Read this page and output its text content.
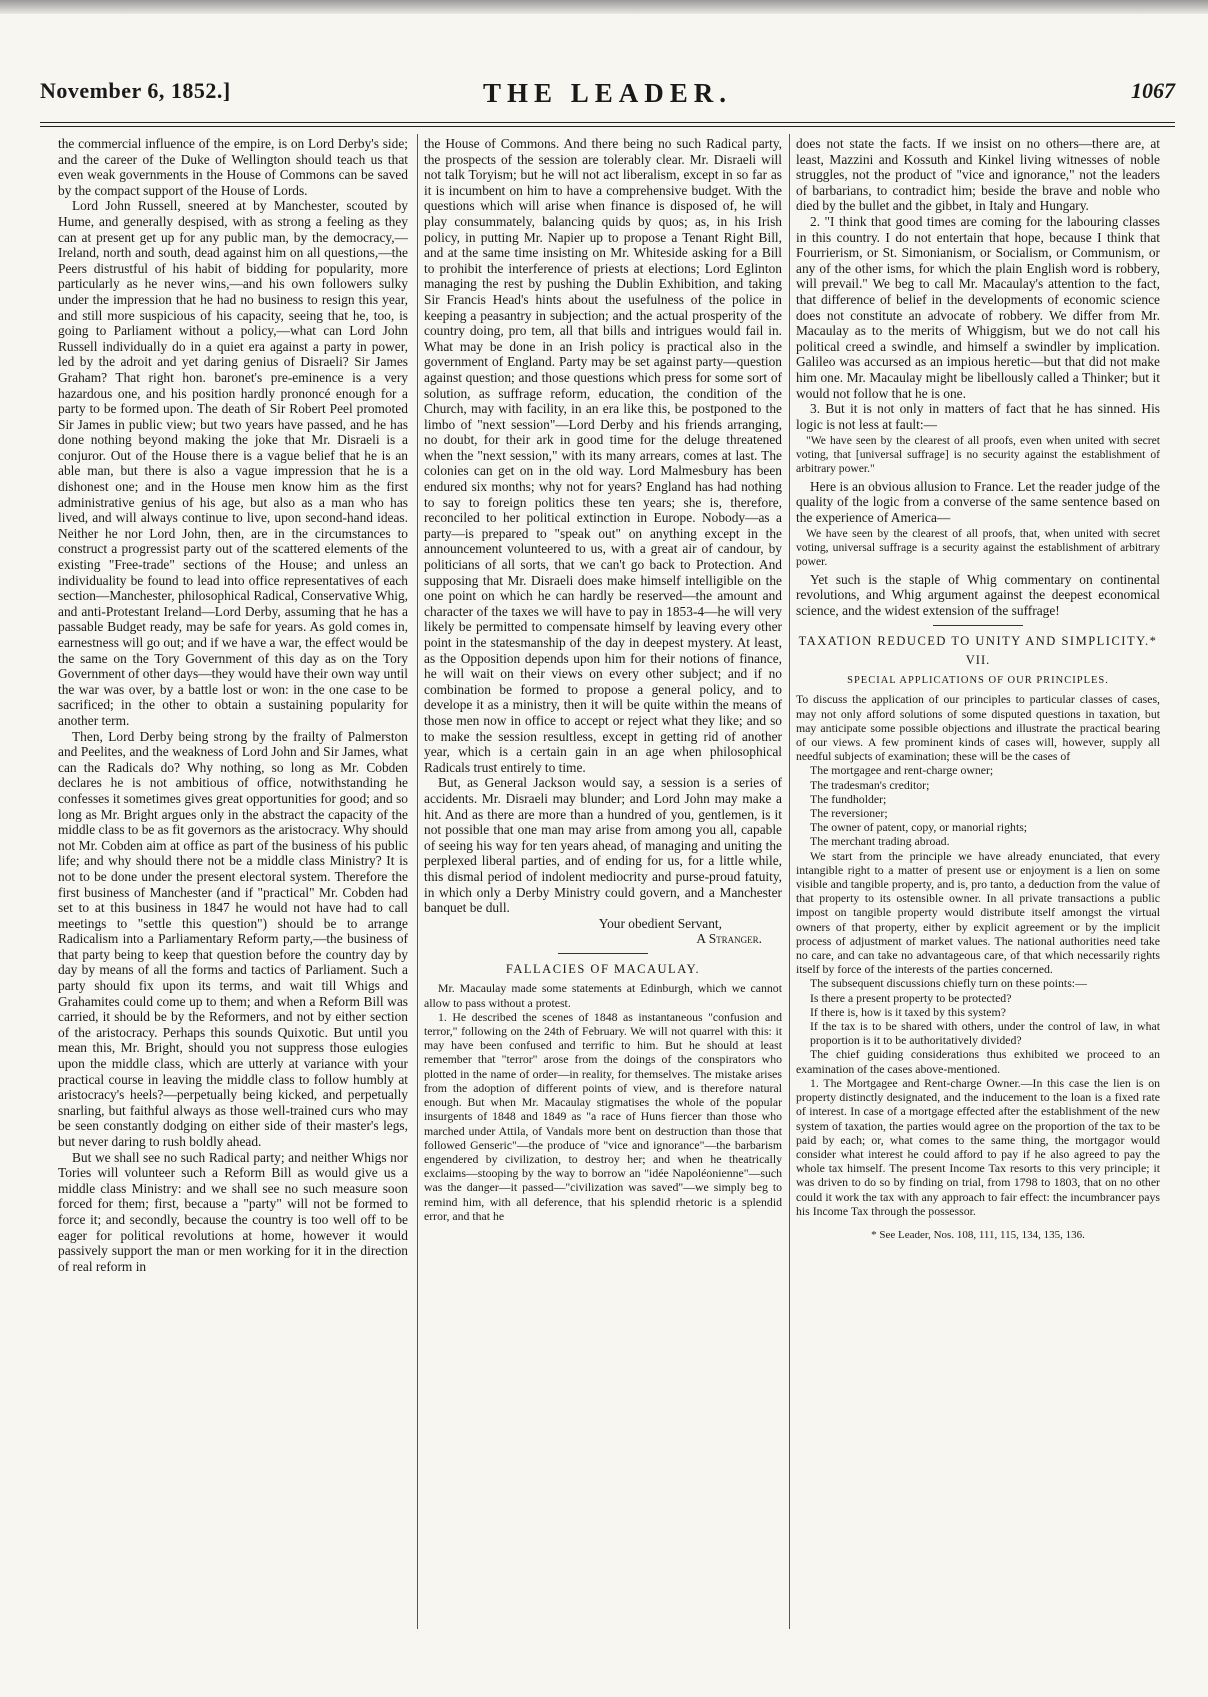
November 6, 1852.]	THE LEADER.	1067

the commercial influence of the empire, is on Lord Derby's side; and the career of the Duke of Wellington should teach us that even weak governments in the House of Commons can be saved by the compact support of the House of Lords.

Lord John Russell, sneered at by Manchester, scouted by Hume, and generally despised, with as strong a feeling as they can at present get up for any public man, by the democracy,—Ireland, north and south, dead against him on all questions,—the Peers distrustful of his habit of bidding for popularity, more particularly as he never wins,—and his own followers sulky under the impression that he had no business to resign this year, and still more suspicious of his capacity, seeing that he, too, is going to Parliament without a policy,—what can Lord John Russell individually do in a quiet era against a party in power, led by the adroit and yet daring genius of Disraeli? Sir James Graham? That right hon. baronet's pre-eminence is a very hazardous one, and his position hardly prononcé enough for a party to be formed upon. The death of Sir Robert Peel promoted Sir James in public view; but two years have passed, and he has done nothing beyond making the joke that Mr. Disraeli is a conjuror. Out of the House there is a vague belief that he is an able man, but there is also a vague impression that he is a dishonest one; and in the House men know him as the first administrative genius of his age, but also as a man who has lived, and will always continue to live, upon second-hand ideas. Neither he nor Lord John, then, are in the circumstances to construct a progressist party out of the scattered elements of the existing "Free-trade" sections of the House; and unless an individuality be found to lead into office representatives of each section—Manchester, philosophical Radical, Conservative Whig, and anti-Protestant Ireland—Lord Derby, assuming that he has a passable Budget ready, may be safe for years. As gold comes in, earnestness will go out; and if we have a war, the effect would be the same on the Tory Government of this day as on the Tory Government of other days—they would have their own way until the war was over, by a battle lost or won: in the one case to be sacrificed; in the other to obtain a sustaining popularity for another term.

Then, Lord Derby being strong by the frailty of Palmerston and Peelites, and the weakness of Lord John and Sir James, what can the Radicals do? Why nothing, so long as Mr. Cobden declares he is not ambitious of office, notwithstanding he confesses it sometimes gives great opportunities for good; and so long as Mr. Bright argues only in the abstract the capacity of the middle class to be as fit governors as the aristocracy. Why should not Mr. Cobden aim at office as part of the business of his public life; and why should there not be a middle class Ministry? It is not to be done under the present electoral system. Therefore the first business of Manchester (and if "practical" Mr. Cobden had set to at this business in 1847 he would not have had to call meetings to "settle this question") should be to arrange Radicalism into a Parliamentary Reform party,—the business of that party being to keep that question before the country day by day by means of all the forms and tactics of Parliament. Such a party should fix upon its terms, and wait till Whigs and Grahamites could come up to them; and when a Reform Bill was carried, it should be by the Reformers, and not by either section of the aristocracy. Perhaps this sounds Quixotic. But until you mean this, Mr. Bright, should you not suppress those eulogies upon the middle class, which are utterly at variance with your practical course in leaving the middle class to follow humbly at aristocracy's heels?—perpetually being kicked, and perpetually snarling, but faithful always as those well-trained curs who may be seen constantly dodging on either side of their master's legs, but never daring to rush boldly ahead.

But we shall see no such Radical party; and neither Whigs nor Tories will volunteer such a Reform Bill as would give us a middle class Ministry: and we shall see no such measure soon forced for them; first, because a "party" will not be formed to force it; and secondly, because the country is too well off to be eager for political revolutions at home, however it would passively support the man or men working for it in the direction of real reform in

the House of Commons. And there being no such Radical party, the prospects of the session are tolerably clear. Mr. Disraeli will not talk Toryism; but he will not act liberalism, except in so far as it is incumbent on him to have a comprehensive budget. With the questions which will arise when finance is disposed of, he will play consummately, balancing quids by quos; as, in his Irish policy, in putting Mr. Napier up to propose a Tenant Right Bill, and at the same time insisting on Mr. Whiteside asking for a Bill to prohibit the interference of priests at elections; Lord Eglinton managing the rest by pushing the Dublin Exhibition, and taking Sir Francis Head's hints about the usefulness of the police in keeping a peasantry in subjection; and the actual prosperity of the country doing, pro tem, all that bills and intrigues would fail in. What may be done in an Irish policy is practical also in the government of England. Party may be set against party—question against question; and those questions which press for some sort of solution, as suffrage reform, education, the condition of the Church, may with facility, in an era like this, be postponed to the limbo of "next session"—Lord Derby and his friends arranging, no doubt, for their ark in good time for the deluge threatened when the "next session," with its many arrears, comes at last. The colonies can get on in the old way. Lord Malmesbury has been endured six months; why not for years? England has had nothing to say to foreign politics these ten years; she is, therefore, reconciled to her political extinction in Europe. Nobody—as a party—is prepared to "speak out" on anything except in the announcement volunteered to us, with a great air of candour, by politicians of all sorts, that we can't go back to Protection. And supposing that Mr. Disraeli does make himself intelligible on the one point on which he can hardly be reserved—the amount and character of the taxes we will have to pay in 1853-4—he will very likely be permitted to compensate himself by leaving every other point in the statesmanship of the day in deepest mystery. At least, as the Opposition depends upon him for their notions of finance, he will wait on their views on every other subject; and if no combination be formed to propose a general policy, and to develope it as a ministry, then it will be quite within the means of those men now in office to accept or reject what they like; and so to make the session resultless, except in getting rid of another year, which is a certain gain in an age when philosophical Radicals trust entirely to time.

But, as General Jackson would say, a session is a series of accidents. Mr. Disraeli may blunder; and Lord John may make a hit. And as there are more than a hundred of you, gentlemen, is it not possible that one man may arise from among you all, capable of seeing his way for ten years ahead, of managing and uniting the perplexed liberal parties, and of ending for us, for a little while, this dismal period of indolent mediocrity and purse-proud fatuity, in which only a Derby Ministry could govern, and a Manchester banquet be dull.

Your obedient Servant,

A Stranger.

FALLACIES OF MACAULAY.

Mr. Macaulay made some statements at Edinburgh, which we cannot allow to pass without a protest.

1. He described the scenes of 1848 as instantaneous "confusion and terror," following on the 24th of February. We will not quarrel with this: it may have been confused and terrific to him. But he should at least remember that "terror" arose from the doings of the conspirators who plotted in the name of order—in reality, for themselves. The mistake arises from the adoption of different points of view, and is therefore natural enough. But when Mr. Macaulay stigmatises the whole of the popular insurgents of 1848 and 1849 as "a race of Huns fiercer than those who marched under Attila, of Vandals more bent on destruction than those that followed Genseric"—the produce of "vice and ignorance"—the barbarism engendered by civilization, to destroy her; and when he theatrically exclaims—stooping by the way to borrow an "idée Napoléonienne"—such was the danger—it passed—"civilization was saved"—we simply beg to remind him, with all deference, that his splendid rhetoric is a splendid error, and that he

does not state the facts. If we insist on no others—there are, at least, Mazzini and Kossuth and Kinkel living witnesses of noble struggles, not the product of "vice and ignorance," not the leaders of barbarians, to contradict him; beside the brave and noble who died by the bullet and the gibbet, in Italy and Hungary.

2. "I think that good times are coming for the labouring classes in this country. I do not entertain that hope, because I think that Fourrierism, or St. Simonianism, or Socialism, or Communism, or any of the other isms, for which the plain English word is robbery, will prevail." We beg to call Mr. Macaulay's attention to the fact, that difference of belief in the developments of economic science does not constitute an advocate of robbery. We differ from Mr. Macaulay as to the merits of Whiggism, but we do not call his political creed a swindle, and himself a swindler by implication. Galileo was accursed as an impious heretic—but that did not make him one. Mr. Macaulay might be libellously called a Thinker; but it would not follow that he is one.

3. But it is not only in matters of fact that he has sinned. His logic is not less at fault:—

"We have seen by the clearest of all proofs, even when united with secret voting, that [universal suffrage] is no security against the establishment of arbitrary power."

Here is an obvious allusion to France. Let the reader judge of the quality of the logic from a converse of the same sentence based on the experience of America—

We have seen by the clearest of all proofs, that, when united with secret voting, universal suffrage is a security against the establishment of arbitrary power.

Yet such is the staple of Whig commentary on continental revolutions, and Whig argument against the deepest economical science, and the widest extension of the suffrage!

TAXATION REDUCED TO UNITY AND SIMPLICITY.*
VII.
SPECIAL APPLICATIONS OF OUR PRINCIPLES.

To discuss the application of our principles to particular classes of cases, may not only afford solutions of some disputed questions in taxation, but may anticipate some possible objections and illustrate the practical bearing of our views. A few prominent kinds of cases will, however, supply all needful subjects of examination; these will be the cases of

The mortgagee and rent-charge owner;

The tradesman's creditor;

The fundholder;

The reversioner;

The owner of patent, copy, or manorial rights;

The merchant trading abroad.

We start from the principle we have already enunciated, that every intangible right to a matter of present use or enjoyment is a lien on some visible and tangible property, and is, pro tanto, a deduction from the value of that property to its ostensible owner. In all private transactions a public impost on tangible property would distribute itself amongst the virtual owners of that property, either by explicit agreement or by the implicit process of adjustment of market values. The national authorities need take no care, and can take no advantageous care, of that which necessarily rights itself by force of the interests of the parties concerned.

The subsequent discussions chiefly turn on these points:—

Is there a present property to be protected?

If there is, how is it taxed by this system?

If the tax is to be shared with others, under the control of law, in what proportion is it to be authoritatively divided?

The chief guiding considerations thus exhibited we proceed to an examination of the cases above-mentioned.

1. The Mortgagee and Rent-charge Owner.—In this case the lien is on property distinctly designated, and the inducement to the loan is a fixed rate of interest. In case of a mortgage effected after the establishment of the new system of taxation, the parties would agree on the proportion of the tax to be paid by each; or, what comes to the same thing, the mortgagor would consider what interest he could afford to pay if he also agreed to pay the whole tax himself. The present Income Tax resorts to this very principle; it was driven to do so by finding on trial, from 1798 to 1803, that on no other could it work the tax with any approach to fair effect: the incumbrancer pays his Income Tax through the possessor.

* See Leader, Nos. 108, 111, 115, 134, 135, 136.
